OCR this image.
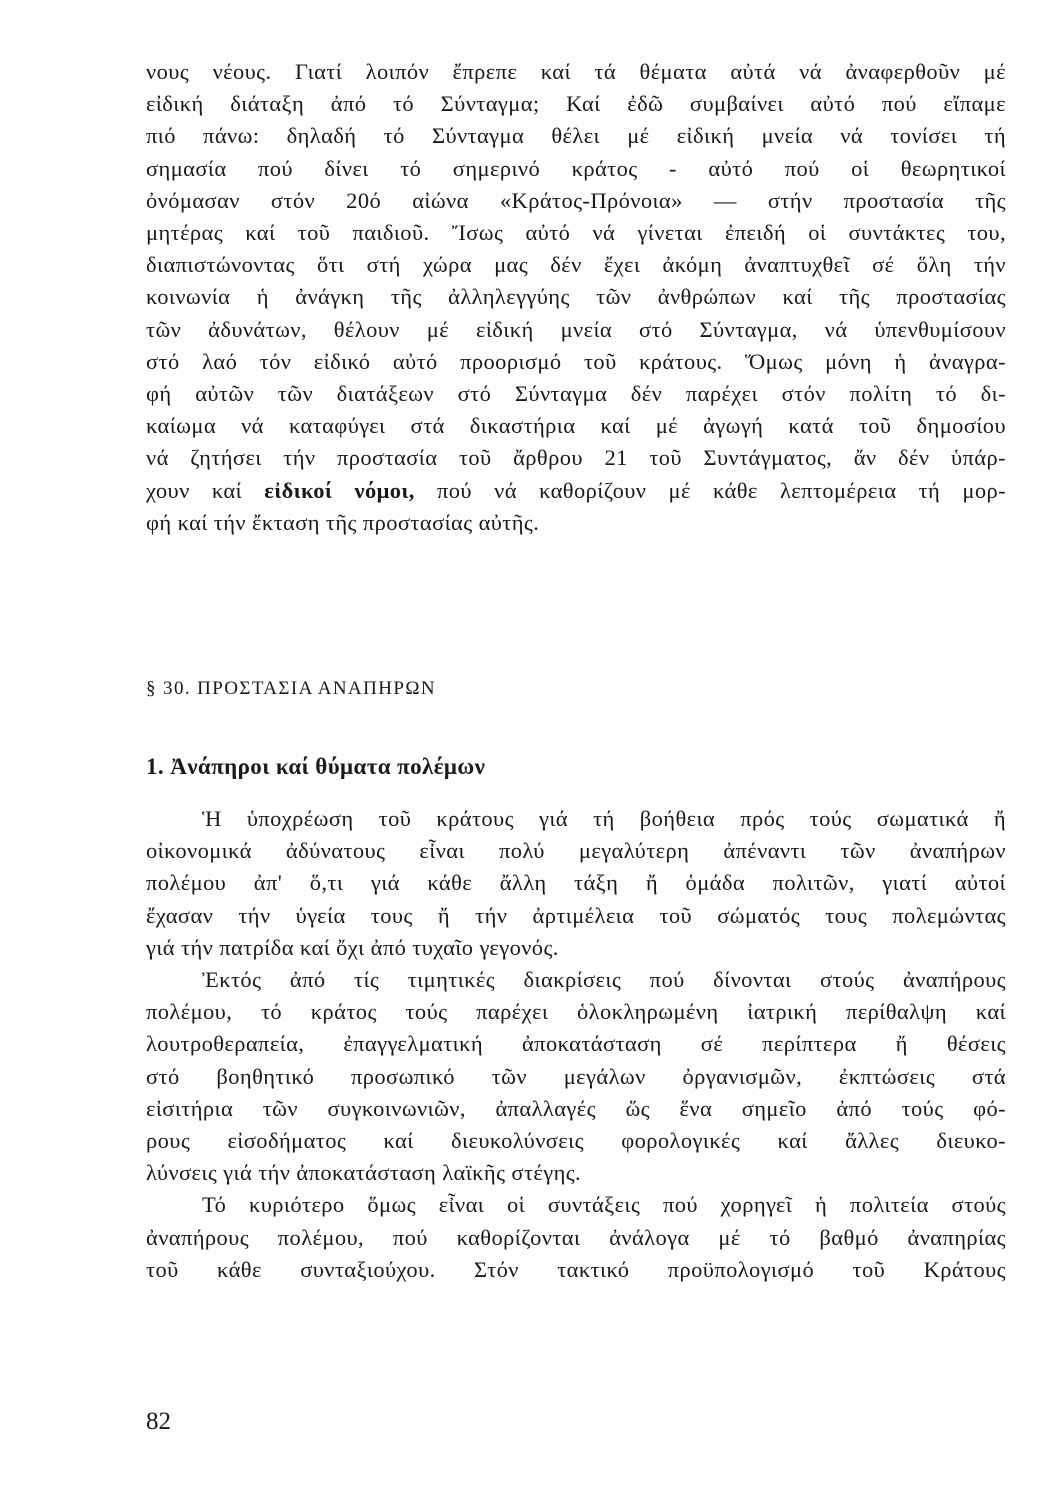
νους νέους. Γιατί λοιπόν ἔπρεπε καί τά θέματα αὐτά νά ἀναφερθοῦν μέ
εἰδική διάταξη ἀπό τό Σύνταγμα; Καί ἐδῶ συμβαίνει αὐτό πού εἴπαμε
πιό πάνω: δηλαδή τό Σύνταγμα θέλει μέ εἰδική μνεία νά τονίσει τή
σημασία πού δίνει τό σημερινό κράτος - αὐτό πού οἱ θεωρητικοί
ὀνόμασαν στόν 20ό αἰώνα «Κράτος-Πρόνοια» — στήν προστασία τῆς
μητέρας καί τοῦ παιδιοῦ. Ἴσως αὐτό νά γίνεται ἐπειδή οἱ συντάκτες του,
διαπιστώνοντας ὅτι στή χώρα μας δέν ἔχει ἀκόμη ἀναπτυχθεῖ σέ ὅλη τήν
κοινωνία ἡ ἀνάγκη τῆς ἀλληλεγγύης τῶν ἀνθρώπων καί τῆς προστασίας
τῶν ἀδυνάτων, θέλουν μέ εἰδική μνεία στό Σύνταγμα, νά ὑπενθυμίσουν
στό λαό τόν εἰδικό αὐτό προορισμό τοῦ κράτους. Ὅμως μόνη ἡ ἀναγρα-
φή αὐτῶν τῶν διατάξεων στό Σύνταγμα δέν παρέχει στόν πολίτη τό δι-
καίωμα νά καταφύγει στά δικαστήρια καί μέ ἀγωγή κατά τοῦ δημοσίου
νά ζητήσει τήν προστασία τοῦ ἄρθρου 21 τοῦ Συντάγματος, ἄν δέν ὑπάρ-
χουν καί εἰδικοί νόμοι, πού νά καθορίζουν μέ κάθε λεπτομέρεια τή μορ-
φή καί τήν ἔκταση τῆς προστασίας αὐτῆς.
§ 30. ΠΡΟΣΤΑΣΙΑ ΑΝΑΠΗΡΩΝ
1. Ἀνάπηροι καί θύματα πολέμων
Ἡ ὑποχρέωση τοῦ κράτους γιά τή βοήθεια πρός τούς σωματικά ἤ
οἰκονομικά ἀδύνατους εἶναι πολύ μεγαλύτερη ἀπέναντι τῶν ἀναπήρων
πολέμου ἀπ' ὅ,τι γιά κάθε ἄλλη τάξη ἤ ὁμάδα πολιτῶν, γιατί αὐτοί
ἔχασαν τήν ὑγεία τους ἤ τήν ἀρτιμέλεια τοῦ σώματός τους πολεμώντας
γιά τήν πατρίδα καί ὄχι ἀπό τυχαῖο γεγονός.
Ἐκτός ἀπό τίς τιμητικές διακρίσεις πού δίνονται στούς ἀναπήρους
πολέμου, τό κράτος τούς παρέχει ὁλοκληρωμένη ἰατρική περίθαλψη καί
λουτροθεραπεία, ἐπαγγελματική ἀποκατάσταση σέ περίπτερα ἤ θέσεις
στό βοηθητικό προσωπικό τῶν μεγάλων ὀργανισμῶν, ἐκπτώσεις στά
εἰσιτήρια τῶν συγκοινωνιῶν, ἀπαλλαγές ὥς ἕνα σημεῖο ἀπό τούς φό-
ρους εἰσοδήματος καί διευκολύνσεις φορολογικές καί ἄλλες διευκο-
λύνσεις γιά τήν ἀποκατάσταση λαϊκῆς στέγης.
Τό κυριότερο ὅμως εἶναι οἱ συντάξεις πού χορηγεῖ ἡ πολιτεία στούς
ἀναπήρους πολέμου, πού καθορίζονται ἀνάλογα μέ τό βαθμό ἀναπηρίας
τοῦ κάθε συνταξιούχου. Στόν τακτικό προϋπολογισμό τοῦ Κράτους
82
